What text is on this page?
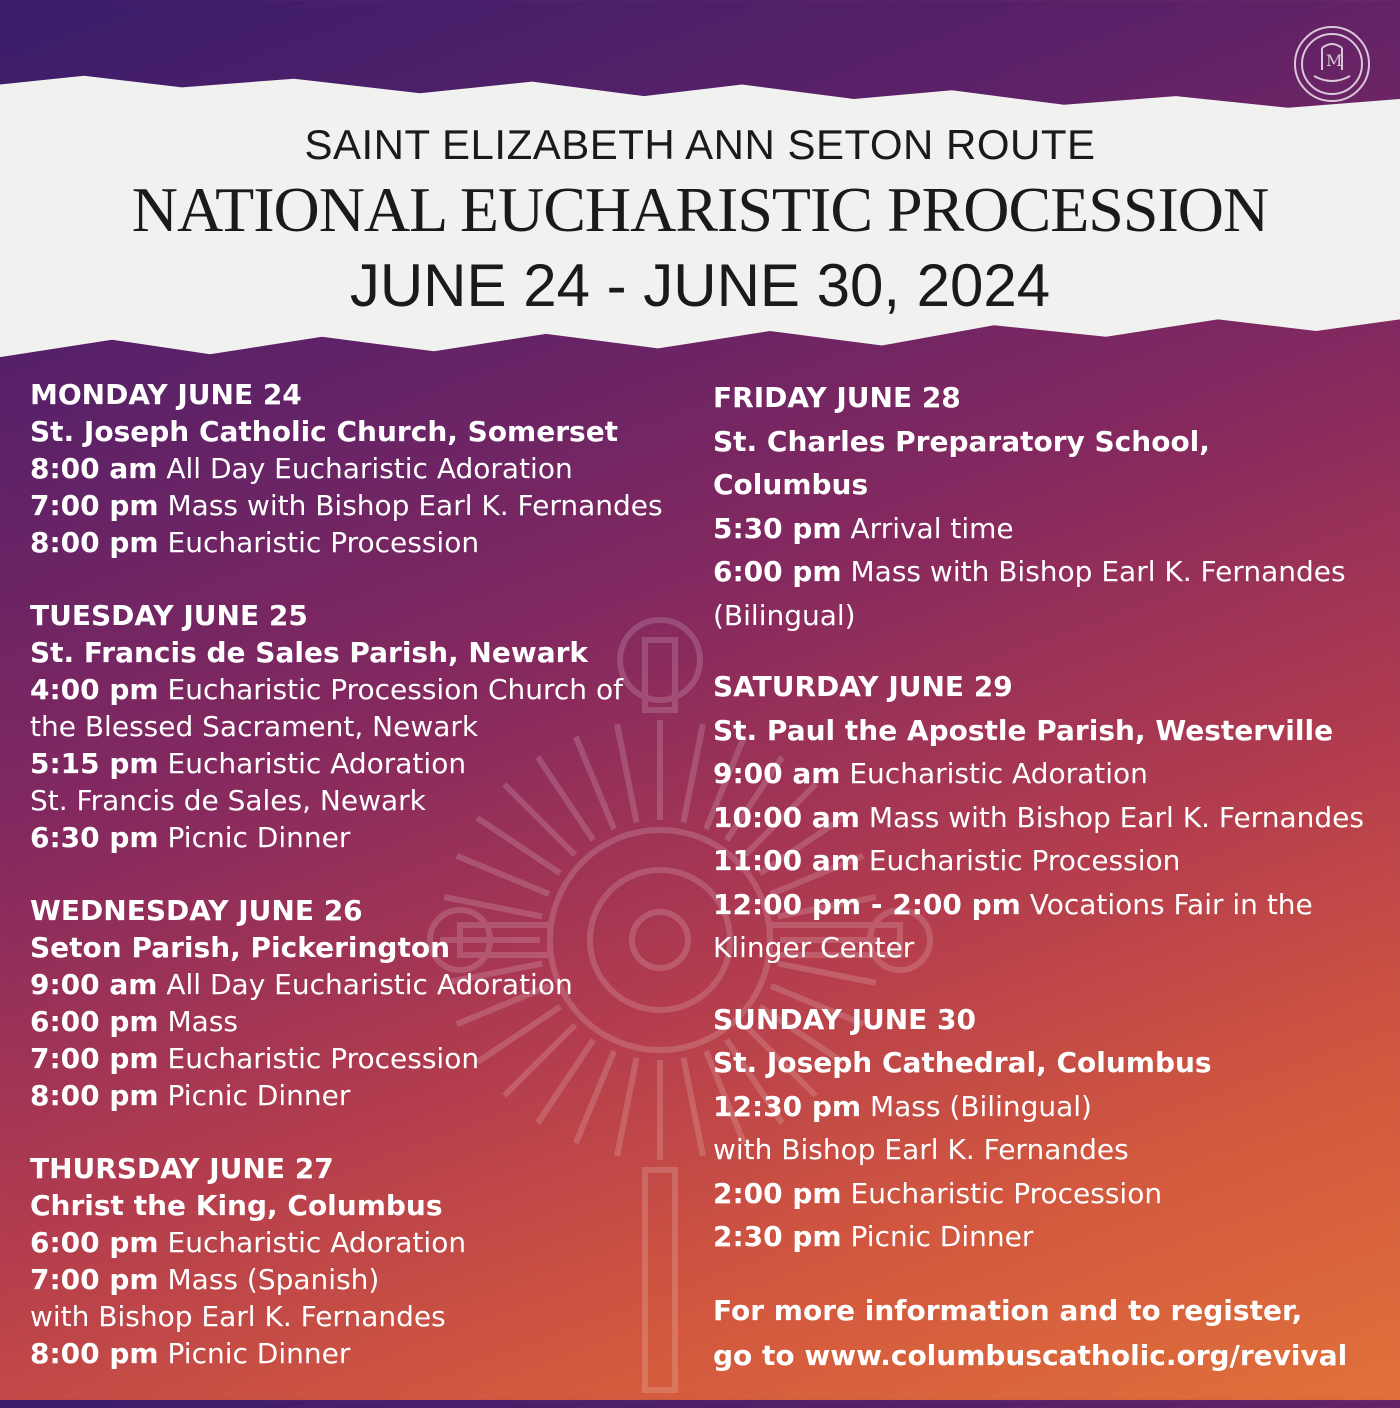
M

SAINT ELIZABETH ANN SETON ROUTE

NATIONAL EUCHARISTIC PROCESSION

JUNE 24 - JUNE 30, 2024

MONDAY JUNE 24

St. Joseph Catholic Church, Somerset

8:00 am All Day Eucharistic Adoration

7:00 pm Mass with Bishop Earl K. Fernandes

8:00 pm Eucharistic Procession

TUESDAY JUNE 25

St. Francis de Sales Parish, Newark

4:00 pm Eucharistic Procession Church of

the Blessed Sacrament, Newark

5:15 pm Eucharistic Adoration

St. Francis de Sales, Newark

6:30 pm Picnic Dinner

WEDNESDAY JUNE 26

Seton Parish, Pickerington

9:00 am All Day Eucharistic Adoration

6:00 pm Mass

7:00 pm Eucharistic Procession

8:00 pm Picnic Dinner

THURSDAY JUNE 27

Christ the King, Columbus

6:00 pm Eucharistic Adoration

7:00 pm Mass (Spanish)

with Bishop Earl K. Fernandes

8:00 pm Picnic Dinner

FRIDAY JUNE 28

St. Charles Preparatory School, Columbus

5:30 pm Arrival time

6:00 pm Mass with Bishop Earl K. Fernandes

(Bilingual)

SATURDAY JUNE 29

St. Paul the Apostle Parish, Westerville

9:00 am Eucharistic Adoration

10:00 am Mass with Bishop Earl K. Fernandes

11:00 am Eucharistic Procession

12:00 pm - 2:00 pm Vocations Fair in the

Klinger Center

SUNDAY JUNE 30

St. Joseph Cathedral, Columbus

12:30 pm Mass (Bilingual)

with Bishop Earl K. Fernandes

2:00 pm Eucharistic Procession

2:30 pm Picnic Dinner

For more information and to register,

go to www.columbuscatholic.org/revival
